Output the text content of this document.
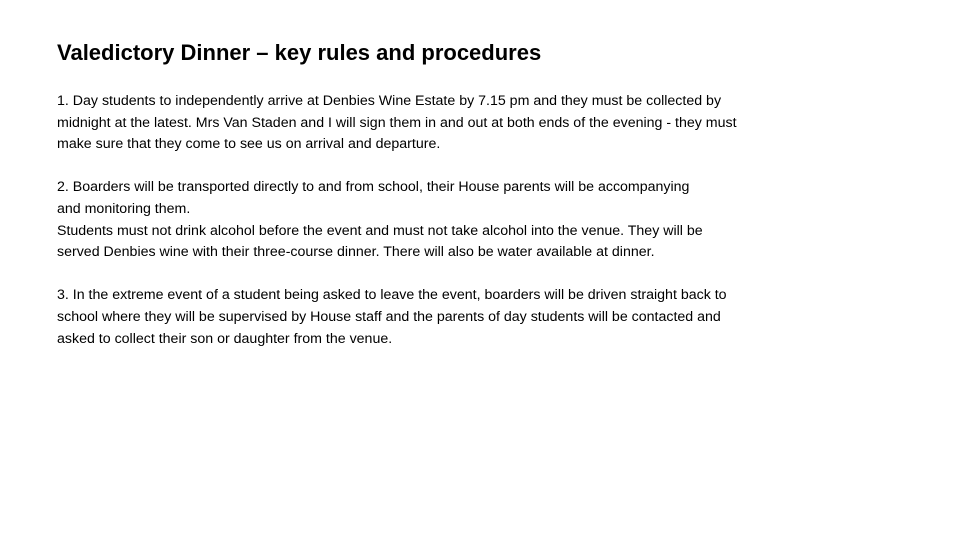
Valedictory Dinner – key rules and procedures

1. Day students to independently arrive at Denbies Wine Estate by 7.15 pm and they must be collected by
midnight at the latest. Mrs Van Staden and I will sign them in and out at both ends of the evening - they must
make sure that they come to see us on arrival and departure.

2. Boarders will be transported directly to and from school, their House parents will be accompanying
and monitoring them.
Students must not drink alcohol before the event and must not take alcohol into the venue. They will be
served Denbies wine with their three-course dinner. There will also be water available at dinner.

3. In the extreme event of a student being asked to leave the event, boarders will be driven straight back to
school where they will be supervised by House staff and the parents of day students will be contacted and
asked to collect their son or daughter from the venue.
